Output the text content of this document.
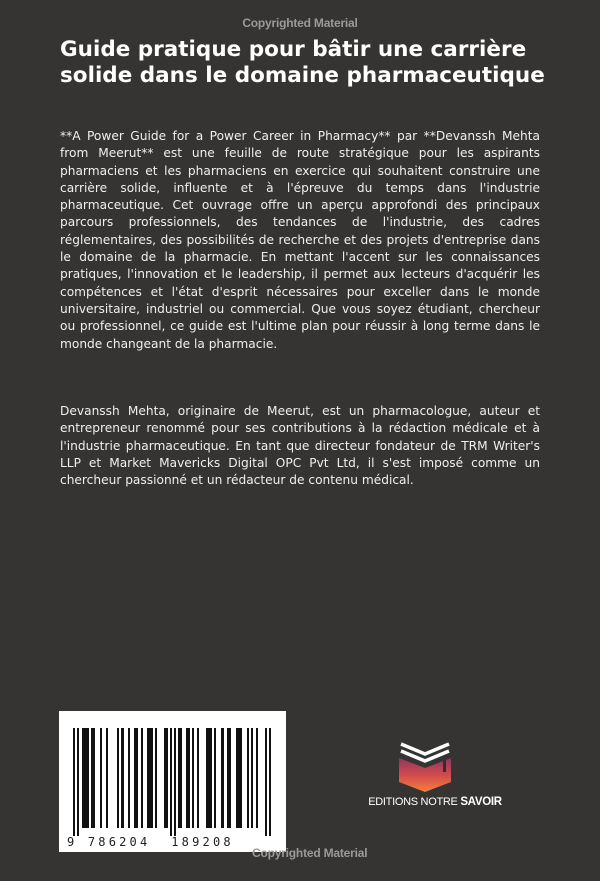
Copyrighted Material
Guide pratique pour bâtir une carrière solide dans le domaine pharmaceutique

**A Power Guide for a Power Career in Pharmacy** par **Devanssh Mehta from Meerut** est une feuille de route stratégique pour les aspirants pharmaciens et les pharmaciens en exercice qui souhaitent construire une carrière solide, influente et à l'épreuve du temps dans l'industrie pharmaceutique. Cet ouvrage offre un aperçu approfondi des principaux parcours professionnels, des tendances de l'industrie, des cadres réglementaires, des possibilités de recherche et des projets d'entreprise dans le domaine de la pharmacie. En mettant l'accent sur les connaissances pratiques, l'innovation et le leadership, il permet aux lecteurs d'acquérir les compétences et l'état d'esprit nécessaires pour exceller dans le monde universitaire, industriel ou commercial. Que vous soyez étudiant, chercheur ou professionnel, ce guide est l'ultime plan pour réussir à long terme dans le monde changeant de la pharmacie.

Devanssh Mehta, originaire de Meerut, est un pharmacologue, auteur et entrepreneur renommé pour ses contributions à la rédaction médicale et à l'industrie pharmaceutique. En tant que directeur fondateur de TRM Writer's LLP et Market Mavericks Digital OPC Pvt Ltd, il s'est imposé comme un chercheur passionné et un rédacteur de contenu médical.

9 786204  189208
Copyrighted Material
EDITIONS NOTRE SAVOIR
